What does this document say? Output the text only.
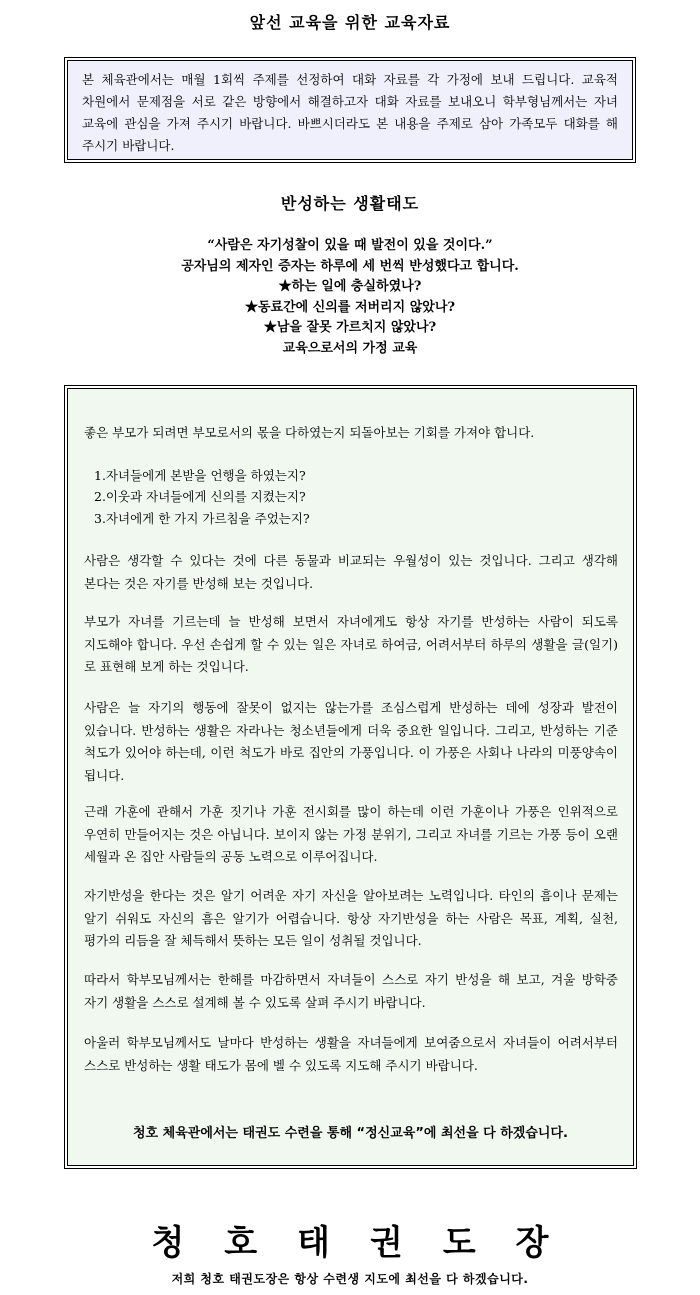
앞선 교육을 위한 교육자료

본 체육관에서는 매월 1회씩 주제를 선정하여 대화 자료를 각 가정에 보내 드립니다. 교육적 차원에서 문제점을 서로 같은 방향에서 해결하고자 대화 자료를 보내오니 학부형님께서는 자녀 교육에 관심을 가져 주시기 바랍니다. 바쁘시더라도 본 내용을 주제로 삼아 가족모두 대화를 해 주시기 바랍니다.

반성하는 생활태도
“사람은 자기성찰이 있을 때 발전이 있을 것이다.”
공자님의 제자인 증자는 하루에 세 번씩 반성했다고 합니다.
★하는 일에 충실하였나?
★동료간에 신의를 저버리지 않았나?
★남을 잘못 가르치지 않았나?
교육으로서의 가정 교육

좋은 부모가 되려면 부모로서의 몫을 다하였는지 되돌아보는 기회를 가져야 합니다.

1.자녀들에게 본받을 언행을 하였는지?

2.이웃과 자녀들에게 신의를 지켰는지?

3.자녀에게 한 가지 가르침을 주었는지?

사람은 생각할 수 있다는 것에 다른 동물과 비교되는 우월성이 있는 것입니다. 그리고 생각해 본다는 것은 자기를 반성해 보는 것입니다.

부모가 자녀를 기르는데 늘 반성해 보면서 자녀에게도 항상 자기를 반성하는 사람이 되도록 지도해야 합니다. 우선 손쉽게 할 수 있는 일은 자녀로 하여금, 어려서부터 하루의 생활을 글(일기)로 표현해 보게 하는 것입니다.

사람은 늘 자기의 행동에 잘못이 없지는 않는가를 조심스럽게 반성하는 데에 성장과 발전이 있습니다. 반성하는 생활은 자라나는 청소년들에게 더욱 중요한 일입니다. 그리고, 반성하는 기준 척도가 있어야 하는데, 이런 척도가 바로 집안의 가풍입니다. 이 가풍은 사회나 나라의 미풍양속이 됩니다.

근래 가훈에 관해서 가훈 짓기나 가훈 전시회를 많이 하는데 이런 가훈이나 가풍은 인위적으로 우연히 만들어지는 것은 아닙니다. 보이지 않는 가정 분위기, 그리고 자녀를 기르는 가풍 등이 오랜 세월과 온 집안 사람들의 공동 노력으로 이루어집니다.

자기반성을 한다는 것은 알기 어려운 자기 자신을 알아보려는 노력입니다. 타인의 흠이나 문제는 알기 쉬워도 자신의 흠은 알기가 어렵습니다. 항상 자기반성을 하는 사람은 목표, 계획, 실천, 평가의 리듬을 잘 체득해서 뜻하는 모든 일이 성취될 것입니다.

따라서 학부모님께서는 한해를 마감하면서 자녀들이 스스로 자기 반성을 해 보고, 겨울 방학중 자기 생활을 스스로 설계해 볼 수 있도록 살펴 주시기 바랍니다.

아울러 학부모님께서도 날마다 반성하는 생활을 자녀들에게 보여줌으로서 자녀들이 어려서부터 스스로 반성하는 생활 태도가 몸에 벨 수 있도록 지도해 주시기 바랍니다.

청호 체육관에서는 태권도 수련을 통해 “정신교육”에 최선을 다 하겠습니다.
청호태권도장
저희 청호 태권도장은 항상 수련생 지도에 최선을 다 하겠습니다.
